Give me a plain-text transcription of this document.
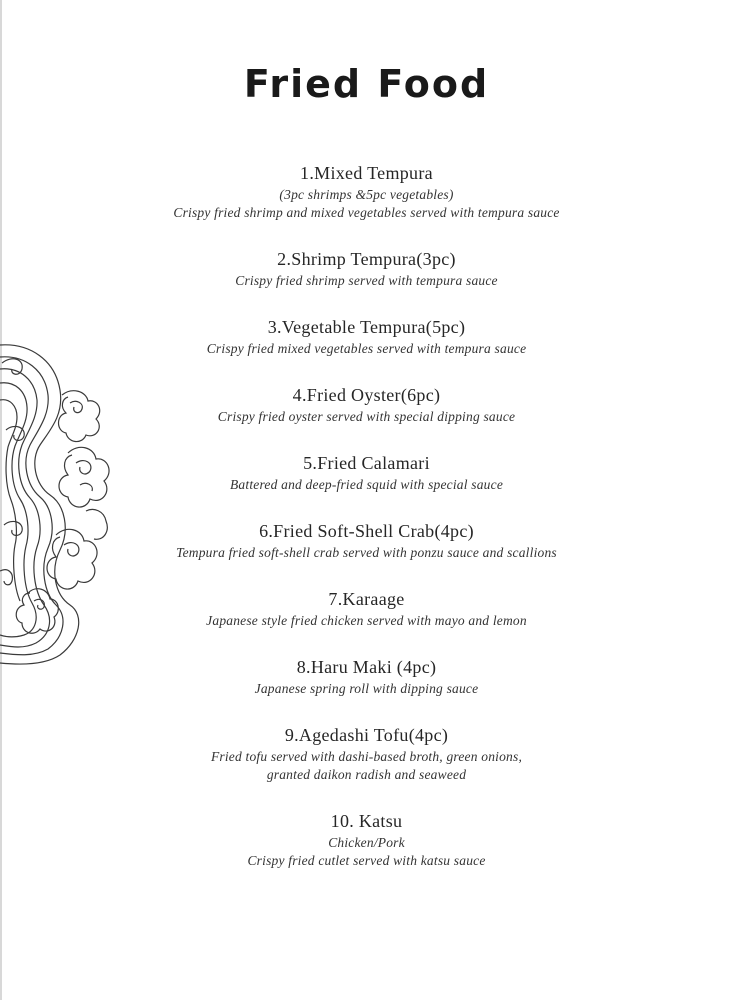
Fried Food
1.Mixed Tempura
(3pc shrimps &5pc vegetables)
Crispy fried shrimp and mixed vegetables served with tempura sauce
2.Shrimp Tempura(3pc)
Crispy fried shrimp served with tempura sauce
3.Vegetable Tempura(5pc)
Crispy fried mixed vegetables served with tempura sauce
4.Fried Oyster(6pc)
Crispy fried oyster served with special dipping sauce
5.Fried Calamari
Battered and deep-fried squid with special sauce
6.Fried Soft-Shell Crab(4pc)
Tempura fried soft-shell crab served with ponzu sauce and scallions
7.Karaage
Japanese style fried chicken served with mayo and lemon
8.Haru Maki (4pc)
Japanese spring roll with dipping sauce
9.Agedashi Tofu(4pc)
Fried tofu served with dashi-based broth, green onions,
granted daikon radish and seaweed
10. Katsu
Chicken/Pork
Crispy fried cutlet served with katsu sauce
